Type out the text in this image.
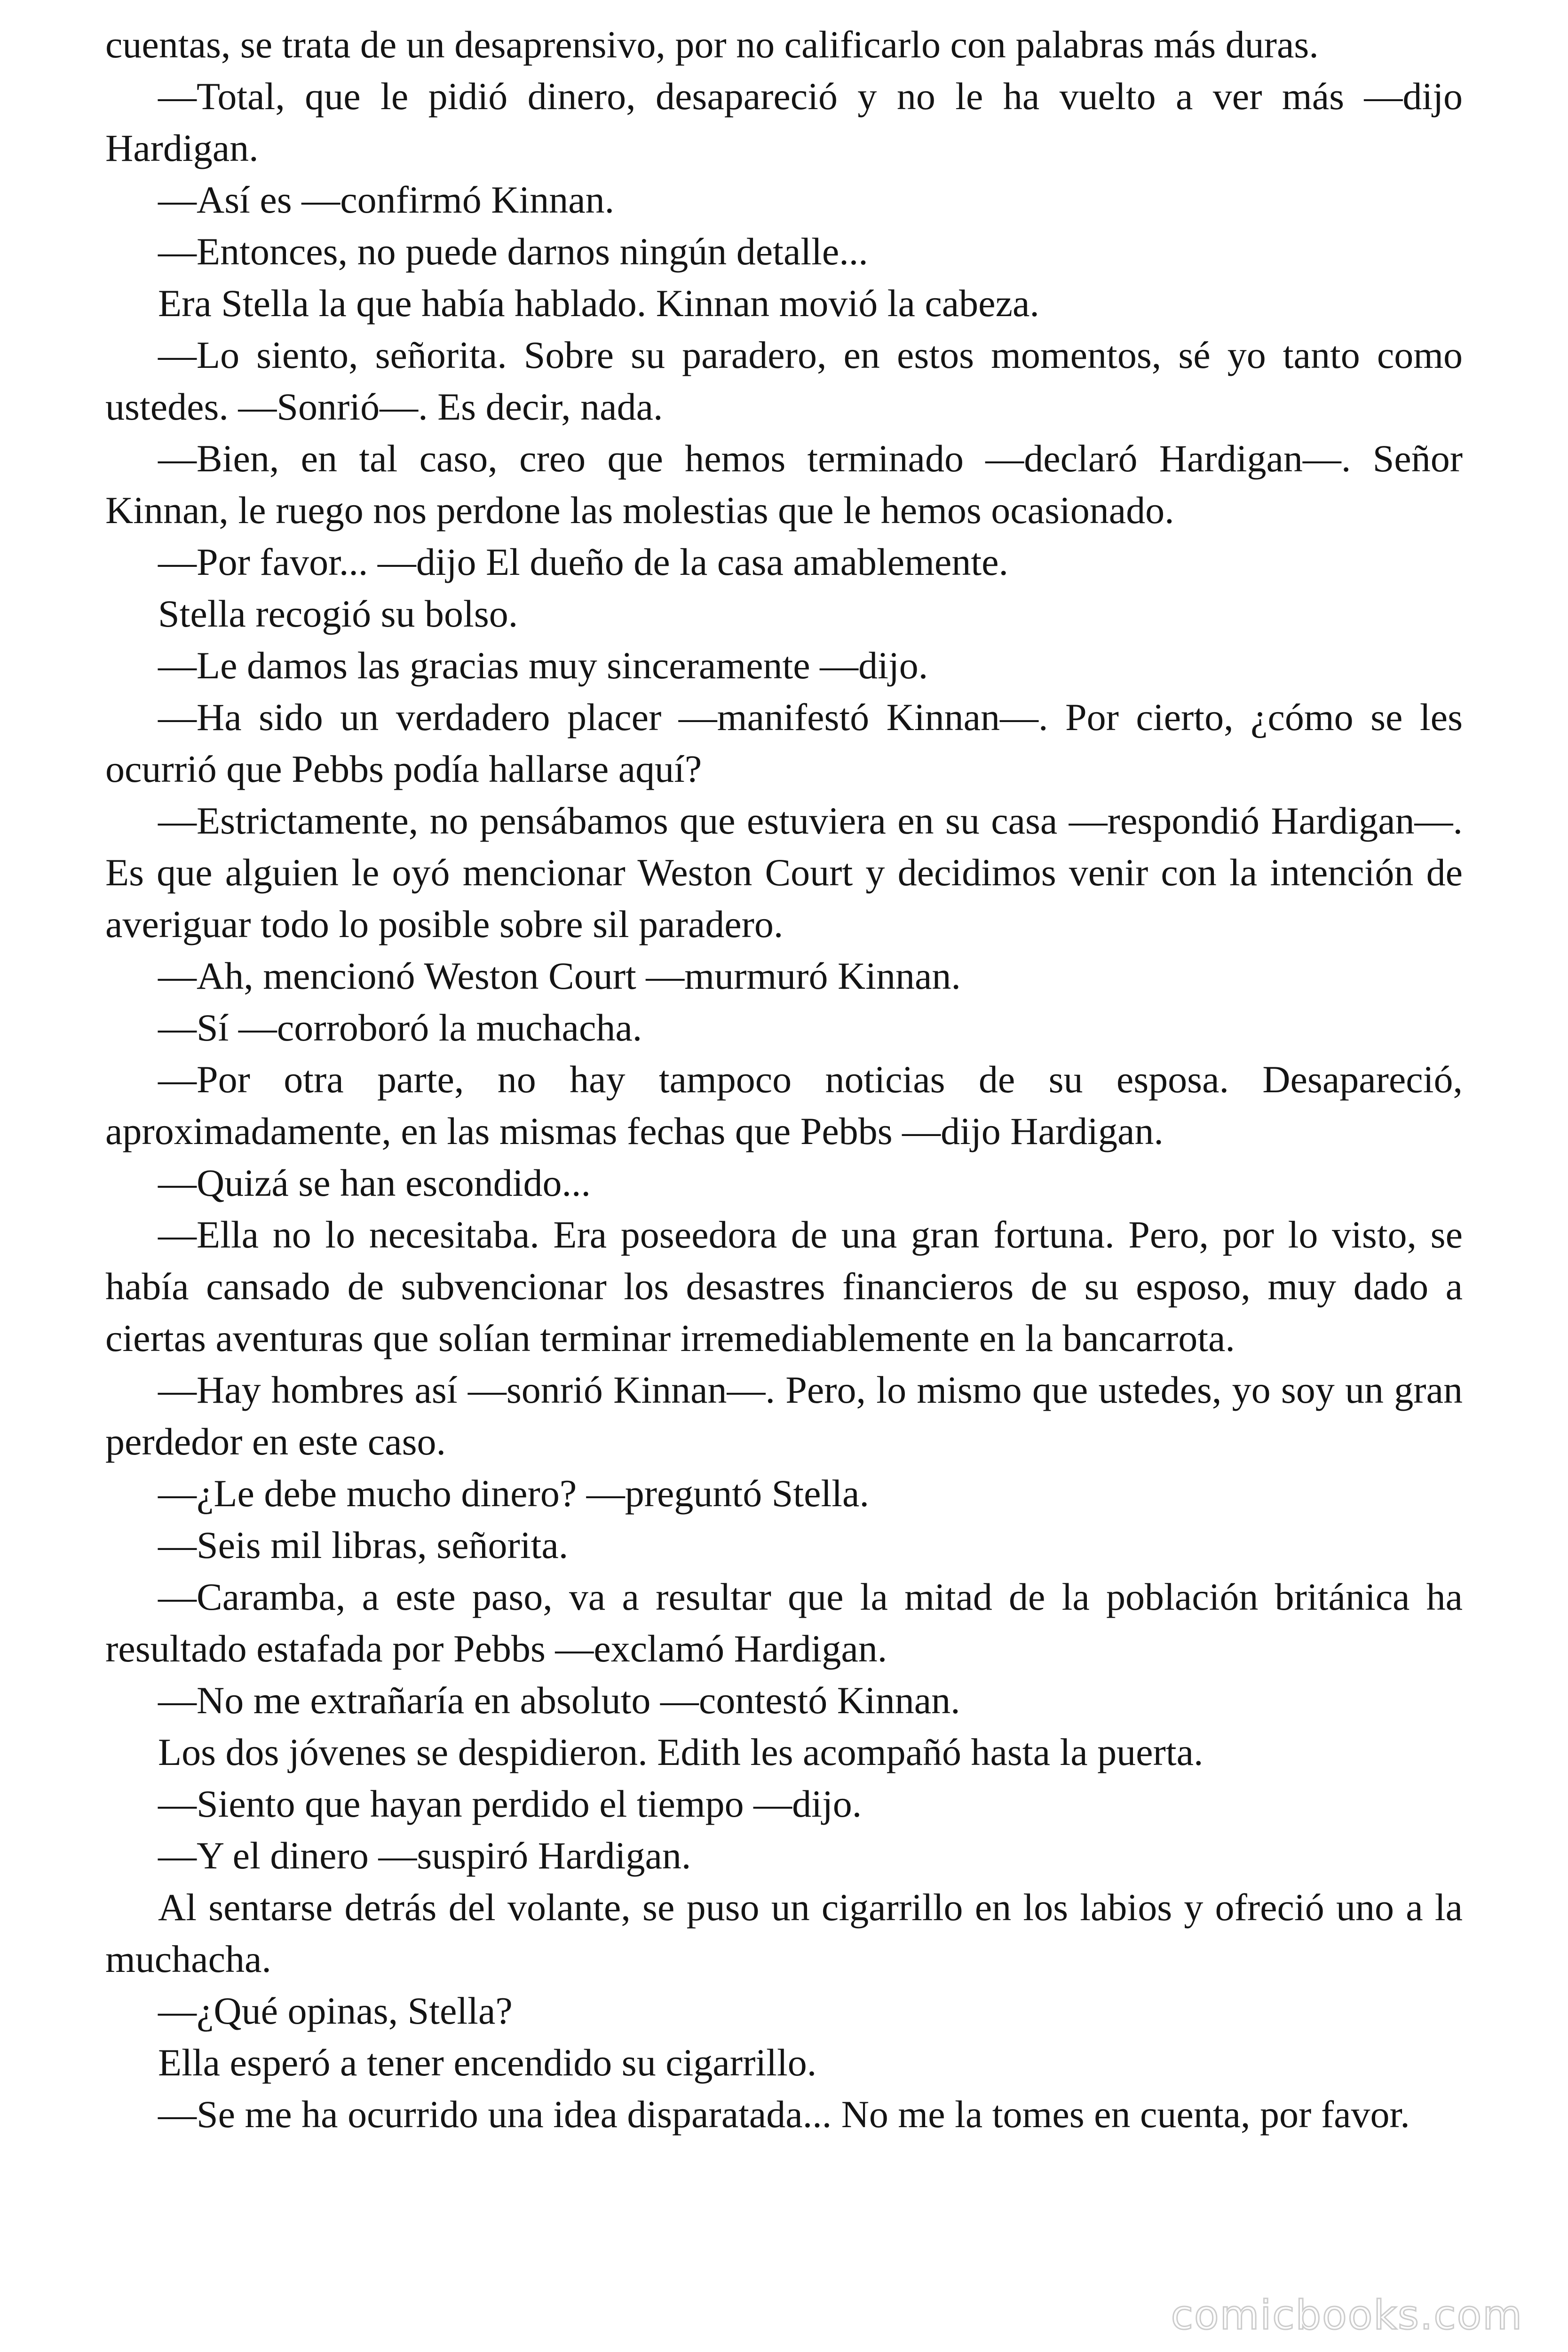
cuentas, se trata de un desaprensivo, por no calificarlo con palabras más duras.

—Total, que le pidió dinero, desapareció y no le ha vuelto a ver más —dijo Hardigan.

—Así es —confirmó Kinnan.

—Entonces, no puede darnos ningún detalle...

Era Stella la que había hablado. Kinnan movió la cabeza.

—Lo siento, señorita. Sobre su paradero, en estos momentos, sé yo tanto como ustedes. —Sonrió—. Es decir, nada.

—Bien, en tal caso, creo que hemos terminado —declaró Hardigan—. Señor Kinnan, le ruego nos perdone las molestias que le hemos ocasionado.

—Por favor... —dijo El dueño de la casa amablemente.

Stella recogió su bolso.

—Le damos las gracias muy sinceramente —dijo.

—Ha sido un verdadero placer —manifestó Kinnan—. Por cierto, ¿cómo se les ocurrió que Pebbs podía hallarse aquí?

—Estrictamente, no pensábamos que estuviera en su casa —respondió Hardigan—. Es que alguien le oyó mencionar Weston Court y decidimos venir con la intención de averiguar todo lo posible sobre sil paradero.

—Ah, mencionó Weston Court —murmuró Kinnan.

—Sí —corroboró la muchacha.

—Por otra parte, no hay tampoco noticias de su esposa. Desapareció, aproximadamente, en las mismas fechas que Pebbs —dijo Hardigan.

—Quizá se han escondido...

—Ella no lo necesitaba. Era poseedora de una gran fortuna. Pero, por lo visto, se había cansado de subvencionar los desastres financieros de su esposo, muy dado a ciertas aventuras que solían terminar irremediablemente en la bancarrota.

—Hay hombres así —sonrió Kinnan—. Pero, lo mismo que ustedes, yo soy un gran perdedor en este caso.

—¿Le debe mucho dinero? —preguntó Stella.

—Seis mil libras, señorita.

—Caramba, a este paso, va a resultar que la mitad de la población británica ha resultado estafada por Pebbs —exclamó Hardigan.

—No me extrañaría en absoluto —contestó Kinnan.

Los dos jóvenes se despidieron. Edith les acompañó hasta la puerta.

—Siento que hayan perdido el tiempo —dijo.

—Y el dinero —suspiró Hardigan.

Al sentarse detrás del volante, se puso un cigarrillo en los labios y ofreció uno a la muchacha.

—¿Qué opinas, Stella?

Ella esperó a tener encendido su cigarrillo.

—Se me ha ocurrido una idea disparatada... No me la tomes en cuenta, por favor.

comicbooks.com
